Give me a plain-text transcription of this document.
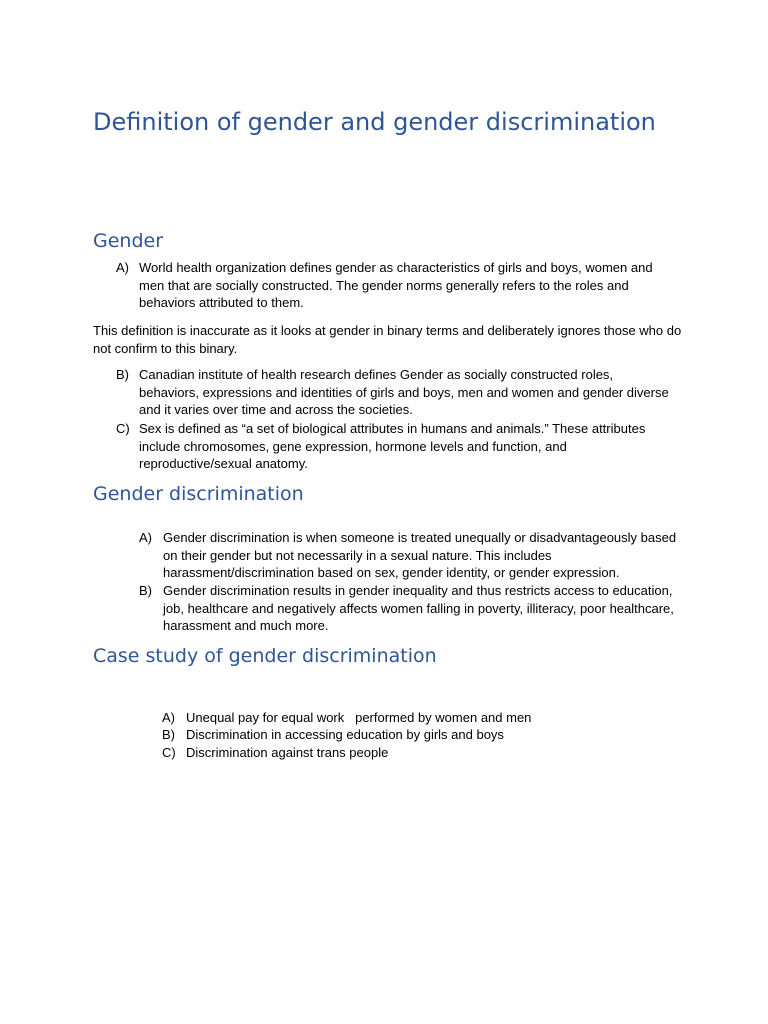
Definition of gender and gender discrimination
Gender
A) World health organization defines gender as characteristics of girls and boys, women and men that are socially constructed. The gender norms generally refers to the roles and behaviors attributed to them.

This definition is inaccurate as it looks at gender in binary terms and deliberately ignores those who do not confirm to this binary.

B) Canadian institute of health research defines Gender as socially constructed roles, behaviors, expressions and identities of girls and boys, men and women and gender diverse and it varies over time and across the societies.
C) Sex is defined as “a set of biological attributes in humans and animals.” These attributes include chromosomes, gene expression, hormone levels and function, and reproductive/sexual anatomy.
Gender discrimination
A) Gender discrimination is when someone is treated unequally or disadvantageously based on their gender but not necessarily in a sexual nature. This includes harassment/discrimination based on sex, gender identity, or gender expression.
B) Gender discrimination results in gender inequality and thus restricts access to education, job, healthcare and negatively affects women falling in poverty, illiteracy, poor healthcare, harassment and much more.
Case study of gender discrimination
A) Unequal pay for equal work   performed by women and men
B) Discrimination in accessing education by girls and boys
C) Discrimination against trans people
